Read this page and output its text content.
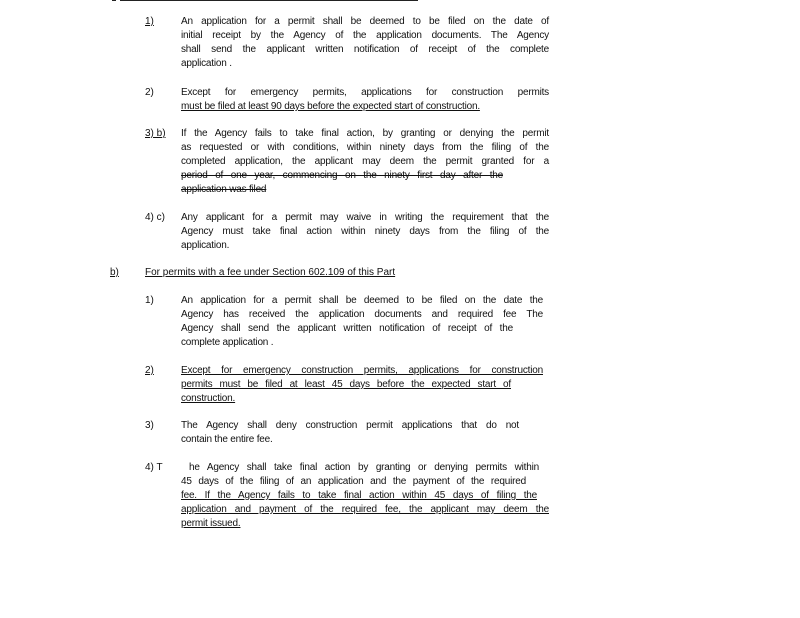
1)	An application for a permit shall be deemed to be filed on the date of
initial receipt by the Agency of the application documents. The Agency
shall send the applicant written notification of receipt of the complete
application .
2)	Except for emergency permits, applications for construction permits
must be filed at least 90 days before the expected start of construction.
3) b) If the Agency fails to take final action, by granting or denying the permit
as requested or with conditions, within ninety days from the filing of the
completed application, the applicant may deem the permit granted for a
period of one year, commencing on the ninety first day after the
application was filed
4) c) Any applicant for a permit may waive in writing the requirement that the
Agency must take final action within ninety days from the filing of the
application.
b)	For permits with a fee under Section 602.109 of this Part
1)	An application for a permit shall be deemed to be filed on the date the
Agency has received the application documents and required fee The
Agency shall send the applicant written notification of receipt of the
complete application .
2)	Except for emergency construction permits, applications for construction
permits must be filed at least 45 days before the expected start of
construction.
3)	The Agency shall deny construction permit applications that do not
contain the entire fee.
4) T	he Agency shall take final action by granting or denying permits within
45 days of the filing of an application and the payment of the required
fee. If the Agency fails to take final action within 45 days of filing the
application and payment of the required fee, the applicant may deem the
permit issued.
